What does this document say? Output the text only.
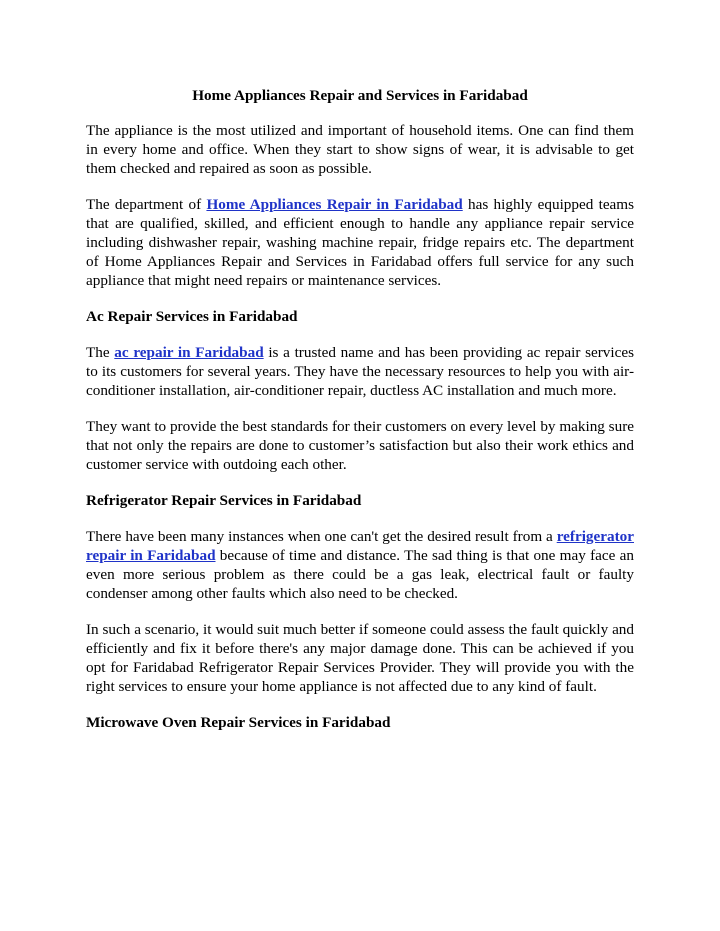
Home Appliances Repair and Services in Faridabad

The appliance is the most utilized and important of household items. One can find them in every home and office. When they start to show signs of wear, it is advisable to get them checked and repaired as soon as possible.

The department of Home Appliances Repair in Faridabad has highly equipped teams that are qualified, skilled, and efficient enough to handle any appliance repair service including dishwasher repair, washing machine repair, fridge repairs etc. The department of Home Appliances Repair and Services in Faridabad offers full service for any such appliance that might need repairs or maintenance services.

Ac Repair Services in Faridabad

The ac repair in Faridabad is a trusted name and has been providing ac repair services to its customers for several years. They have the necessary resources to help you with air-conditioner installation, air-conditioner repair, ductless AC installation and much more.

They want to provide the best standards for their customers on every level by making sure that not only the repairs are done to customer’s satisfaction but also their work ethics and customer service with outdoing each other.

Refrigerator Repair Services in Faridabad

There have been many instances when one can't get the desired result from a refrigerator repair in Faridabad because of time and distance. The sad thing is that one may face an even more serious problem as there could be a gas leak, electrical fault or faulty condenser among other faults which also need to be checked.

In such a scenario, it would suit much better if someone could assess the fault quickly and efficiently and fix it before there's any major damage done. This can be achieved if you opt for Faridabad Refrigerator Repair Services Provider. They will provide you with the right services to ensure your home appliance is not affected due to any kind of fault.

Microwave Oven Repair Services in Faridabad
